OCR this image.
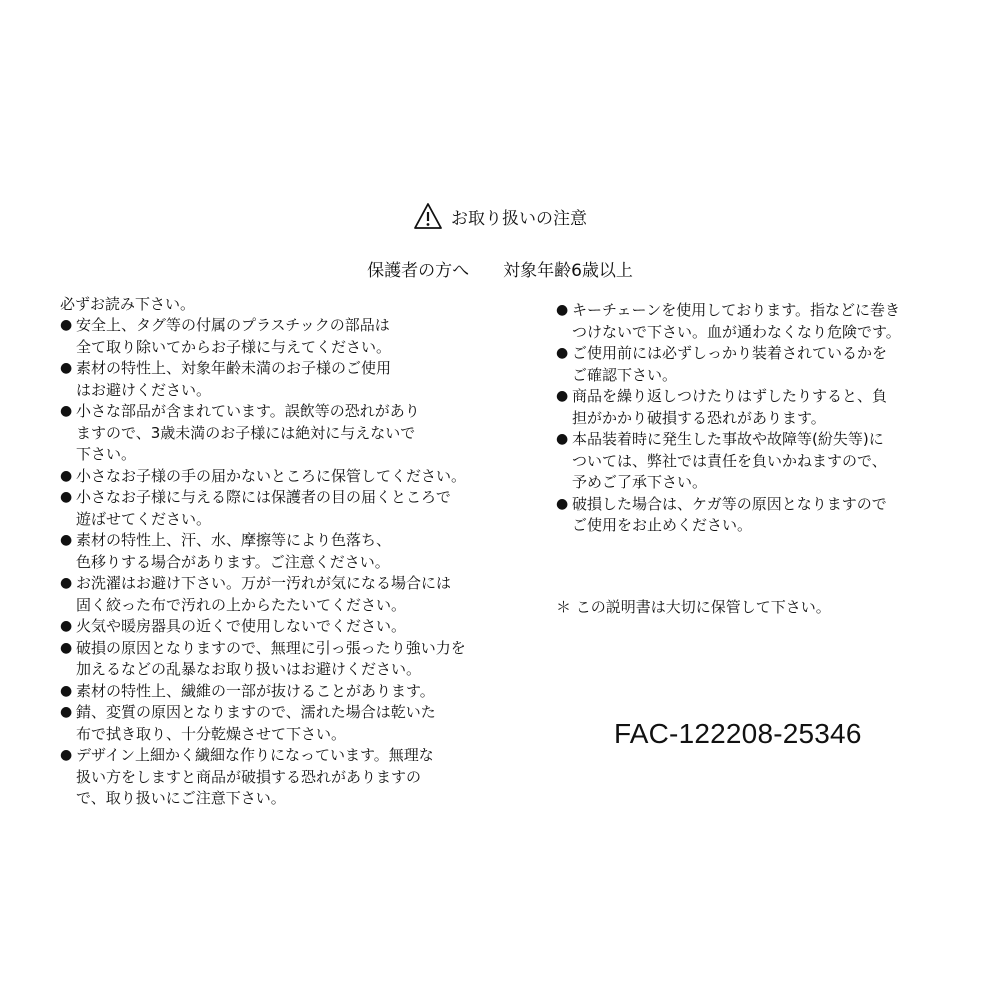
お取り扱いの注意
保護者の方へ　　対象年齢6歳以上
必ずお読み下さい。
● 安全上、タグ等の付属のプラスチックの部品は
全て取り除いてからお子様に与えてください。
● 素材の特性上、対象年齢未満のお子様のご使用
はお避けください。
● 小さな部品が含まれています。誤飲等の恐れがあり
ますので、3歳未満のお子様には絶対に与えないで
下さい。
● 小さなお子様の手の届かないところに保管してください。
● 小さなお子様に与える際には保護者の目の届くところで
遊ばせてください。
● 素材の特性上、汗、水、摩擦等により色落ち、
色移りする場合があります。ご注意ください。
● お洗濯はお避け下さい。万が一汚れが気になる場合には
固く絞った布で汚れの上からたたいてください。
● 火気や暖房器具の近くで使用しないでください。
● 破損の原因となりますので、無理に引っ張ったり強い力を
加えるなどの乱暴なお取り扱いはお避けください。
● 素材の特性上、繊維の一部が抜けることがあります。
● 錆、変質の原因となりますので、濡れた場合は乾いた
布で拭き取り、十分乾燥させて下さい。
● デザイン上細かく繊細な作りになっています。無理な
扱い方をしますと商品が破損する恐れがありますの
で、取り扱いにご注意下さい。
● キーチェーンを使用しております。指などに巻き
つけないで下さい。血が通わなくなり危険です。
● ご使用前には必ずしっかり装着されているかを
ご確認下さい。
● 商品を繰り返しつけたりはずしたりすると、負
担がかかり破損する恐れがあります。
● 本品装着時に発生した事故や故障等(紛失等)に
ついては、弊社では責任を負いかねますので、
予めご了承下さい。
● 破損した場合は、ケガ等の原因となりますので
ご使用をお止めください。
＊ この説明書は大切に保管して下さい。
FAC-122208-25346
